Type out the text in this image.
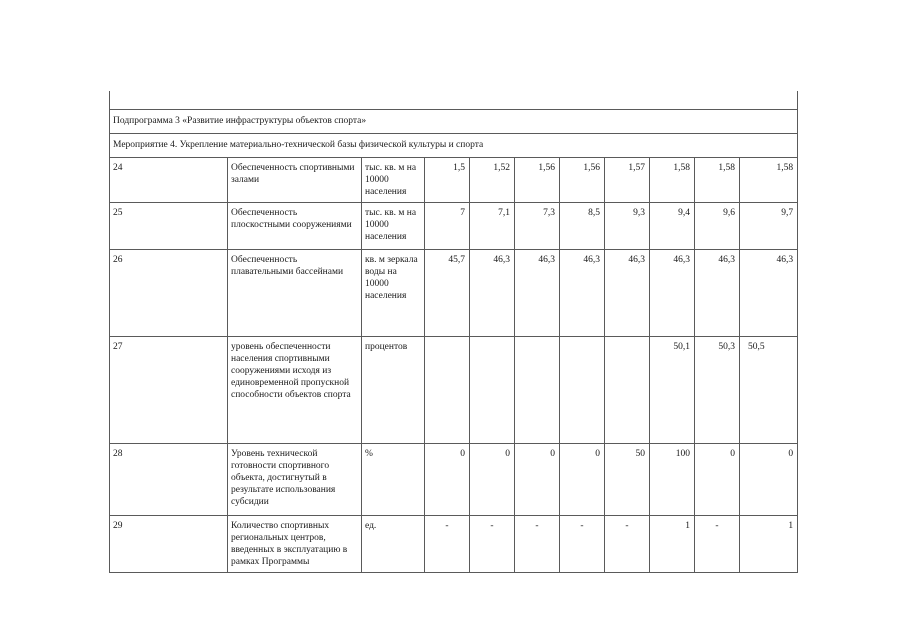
Подпрограмма 3 «Развитие инфраструктуры объектов спорта»										
Мероприятие 4. Укрепление материально-технической базы физической культуры и спорта										
24	Обеспеченность спортивными залами	тыс. кв. м на 10000 населения	1,5	1,52	1,56	1,56	1,57	1,58	1,58	1,58
25	Обеспеченность плоскостными сооружениями	тыс. кв. м на 10000 населения	7	7,1	7,3	8,5	9,3	9,4	9,6	9,7
26	Обеспеченность плавательными бассейнами	кв. м зеркала воды на 10000 населения	45,7	46,3	46,3	46,3	46,3	46,3	46,3	46,3
27	уровень обеспеченности населения спортивными сооружениями исходя из единовременной пропускной способности объектов спорта	процентов						50,1	50,3	50,5
28	Уровень технической готовности спортивного объекта, достигнутый в результате использования субсидии	%	0	0	0	0	50	100	0	0
29	Количество спортивных региональных центров, введенных в эксплуатацию в рамках Программы	ед.	-	-	-	-	-	1	-	1
